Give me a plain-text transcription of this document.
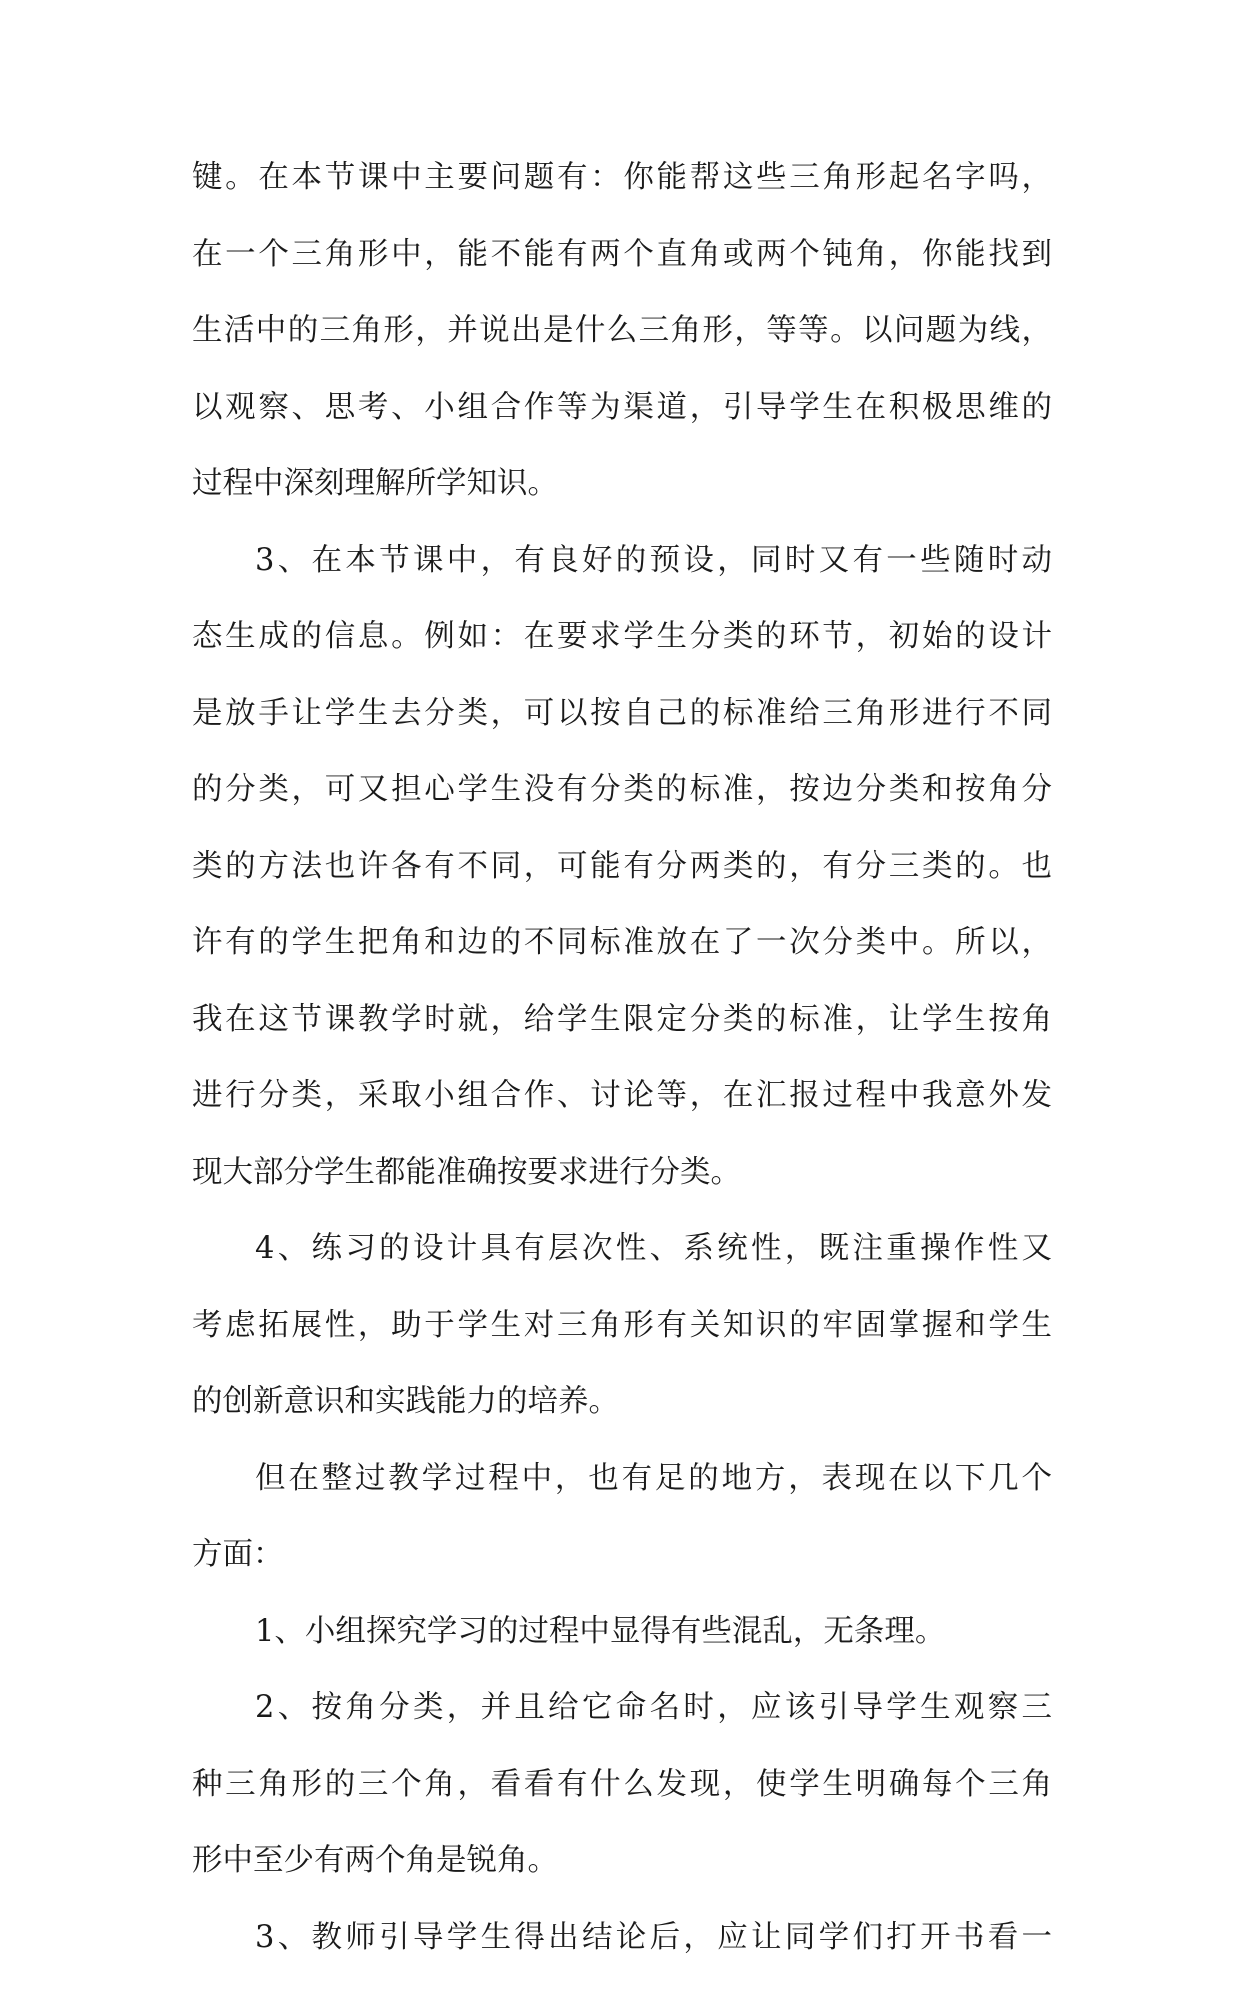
键。在本节课中主要问题有：你能帮这些三角形起名字吗，
在一个三角形中，能不能有两个直角或两个钝角，你能找到
生活中的三角形，并说出是什么三角形，等等。以问题为线，
以观察、思考、小组合作等为渠道，引导学生在积极思维的
过程中深刻理解所学知识。
3、在本节课中，有良好的预设，同时又有一些随时动
态生成的信息。例如：在要求学生分类的环节，初始的设计
是放手让学生去分类，可以按自己的标准给三角形进行不同
的分类，可又担心学生没有分类的标准，按边分类和按角分
类的方法也许各有不同，可能有分两类的，有分三类的。也
许有的学生把角和边的不同标准放在了一次分类中。所以，
我在这节课教学时就，给学生限定分类的标准，让学生按角
进行分类，采取小组合作、讨论等，在汇报过程中我意外发
现大部分学生都能准确按要求进行分类。
4、练习的设计具有层次性、系统性，既注重操作性又
考虑拓展性，助于学生对三角形有关知识的牢固掌握和学生
的创新意识和实践能力的培养。
但在整过教学过程中，也有足的地方，表现在以下几个
方面：
1、小组探究学习的过程中显得有些混乱，无条理。
2、按角分类，并且给它命名时，应该引导学生观察三
种三角形的三个角，看看有什么发现，使学生明确每个三角
形中至少有两个角是锐角。
3、教师引导学生得出结论后，应让同学们打开书看一
